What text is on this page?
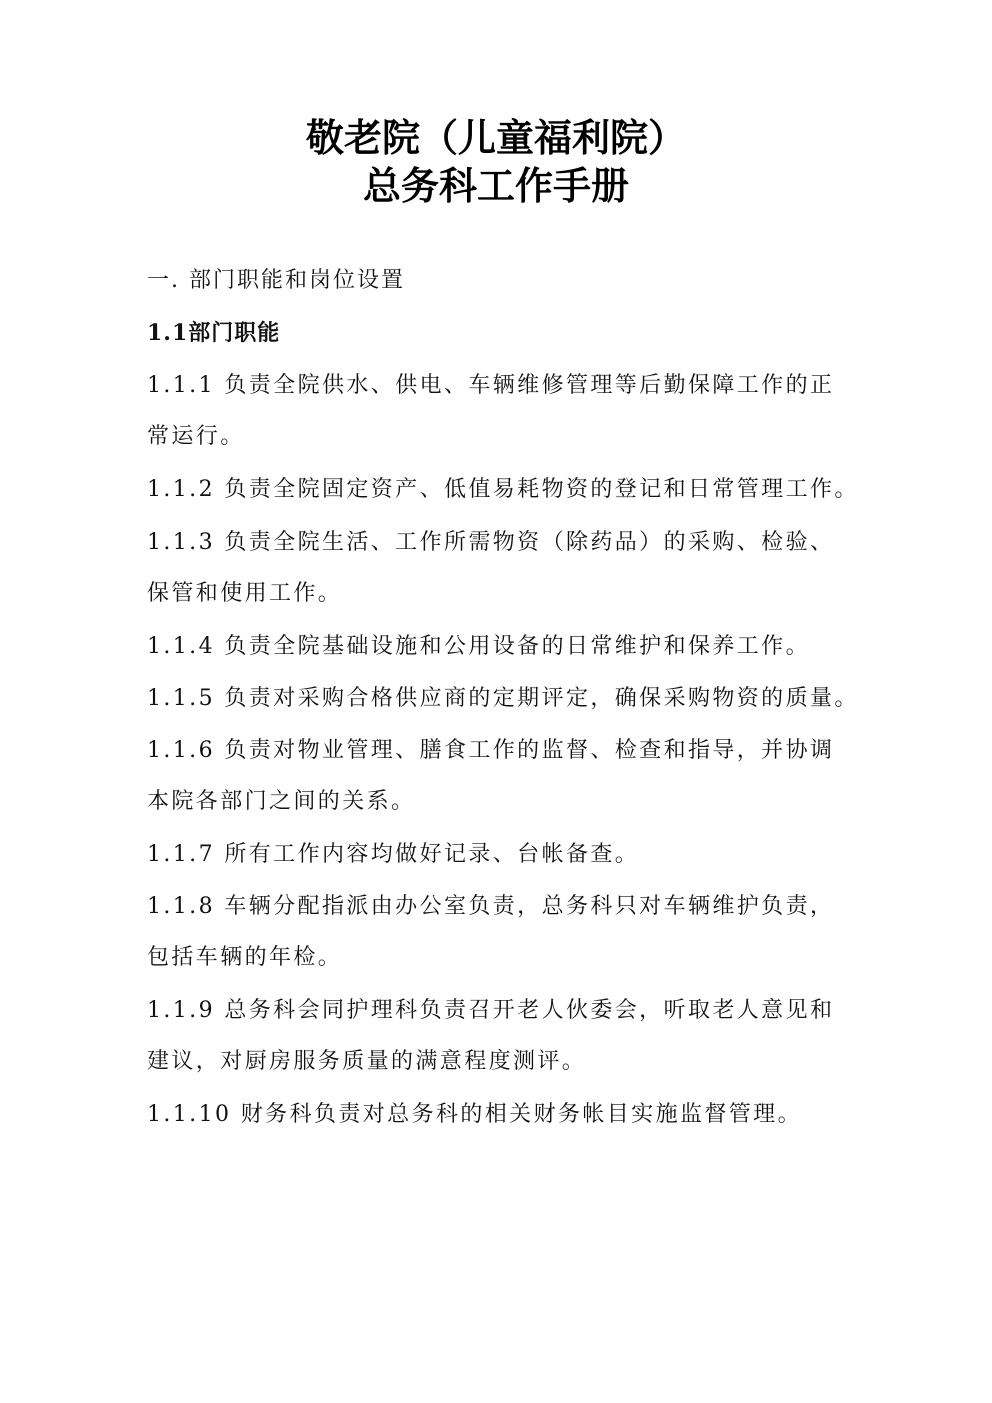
敬老院（儿童福利院）
总务科工作手册
一. 部门职能和岗位设置
1.1部门职能
1.1.1 负责全院供水、供电、车辆维修管理等后勤保障工作的正
常运行。
1.1.2 负责全院固定资产、低值易耗物资的登记和日常管理工作。
1.1.3 负责全院生活、工作所需物资（除药品）的采购、检验、
保管和使用工作。
1.1.4 负责全院基础设施和公用设备的日常维护和保养工作。
1.1.5 负责对采购合格供应商的定期评定，确保采购物资的质量。
1.1.6 负责对物业管理、膳食工作的监督、检查和指导，并协调
本院各部门之间的关系。
1.1.7 所有工作内容均做好记录、台帐备查。
1.1.8 车辆分配指派由办公室负责，总务科只对车辆维护负责，
包括车辆的年检。
1.1.9 总务科会同护理科负责召开老人伙委会，听取老人意见和
建议，对厨房服务质量的满意程度测评。
1.1.10 财务科负责对总务科的相关财务帐目实施监督管理。
